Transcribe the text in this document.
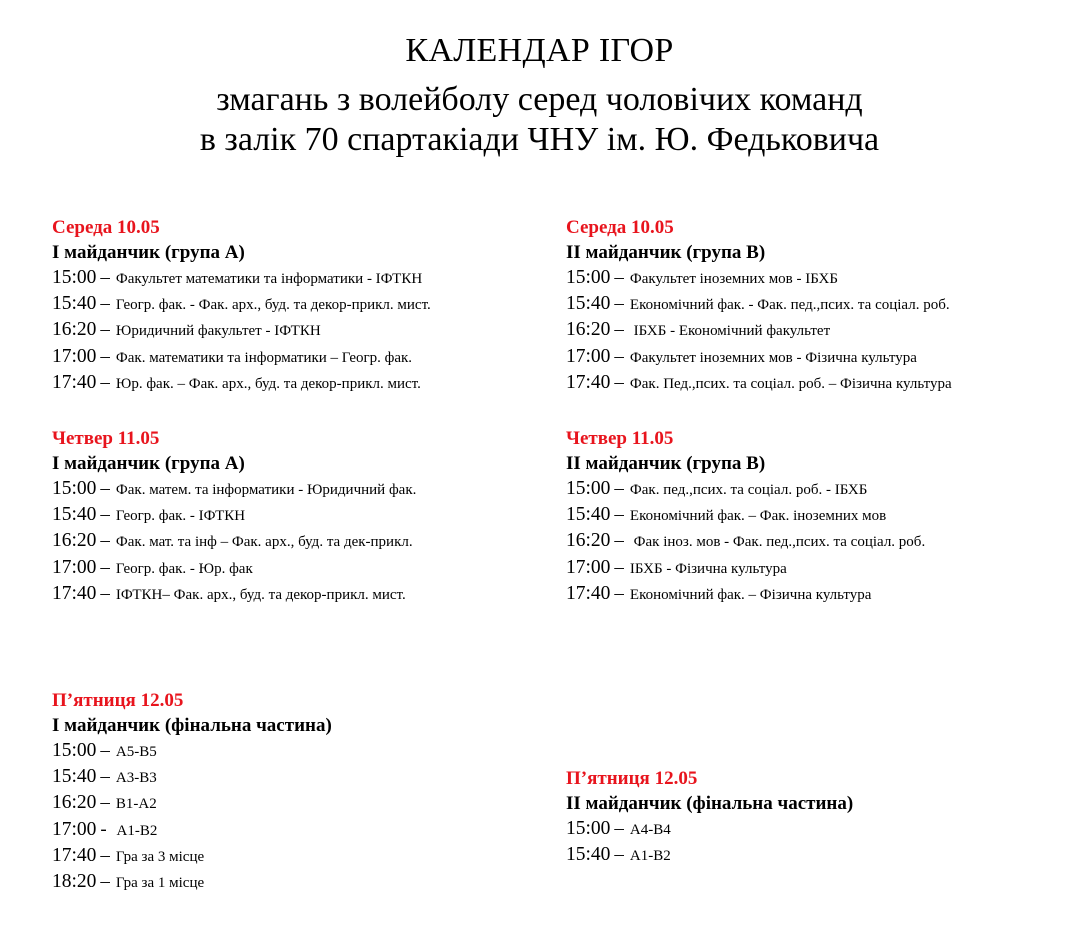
КАЛЕНДАР ІГОР
змагань з волейболу серед чоловічих команд
в залік 70 спартакіади ЧНУ ім. Ю. Федьковича
Середа 10.05
І майданчик (група А)
15:00 – Факультет математики та інформатики - ІФТКН
15:40 – Геогр. фак. - Фак. арх., буд. та декор-прикл. мист.
16:20 – Юридичний факультет - ІФТКН
17:00 – Фак. математики та інформатики – Геогр. фак.
17:40 – Юр. фак. – Фак. арх., буд. та декор-прикл. мист.
Середа 10.05
ІІ майданчик (група В)
15:00 – Факультет іноземних мов - ІБХБ
15:40 – Економічний фак. - Фак. пед.,псих. та соціал. роб.
16:20 – ІБХБ - Економічний факультет
17:00 – Факультет іноземних мов - Фізична культура
17:40 – Фак. Пед.,псих. та соціал. роб. – Фізична культура
Четвер 11.05
І майданчик (група А)
15:00 – Фак. матем. та інформатики - Юридичний фак.
15:40 – Геогр. фак. - ІФТКН
16:20 – Фак. мат. та інф – Фак. арх., буд. та дек-прикл.
17:00 – Геогр. фак. - Юр. фак
17:40 – ІФТКН– Фак. арх., буд. та декор-прикл. мист.
Четвер 11.05
ІІ майданчик (група В)
15:00 – Фак. пед.,псих. та соціал. роб. - ІБХБ
15:40 – Економічний фак. – Фак. іноземних мов
16:20 – Фак іноз. мов - Фак. пед.,псих. та соціал. роб.
17:00 – ІБХБ - Фізична культура
17:40 – Економічний фак. – Фізична культура
П’ятниця 12.05
І майданчик (фінальна частина)
15:00 – А5-В5
15:40 – А3-В3
16:20 – В1-А2
17:00 - А1-В2
17:40 – Гра за 3 місце
18:20 – Гра за 1 місце
П’ятниця 12.05
ІІ майданчик (фінальна частина)
15:00 – А4-В4
15:40 – А1-В2
